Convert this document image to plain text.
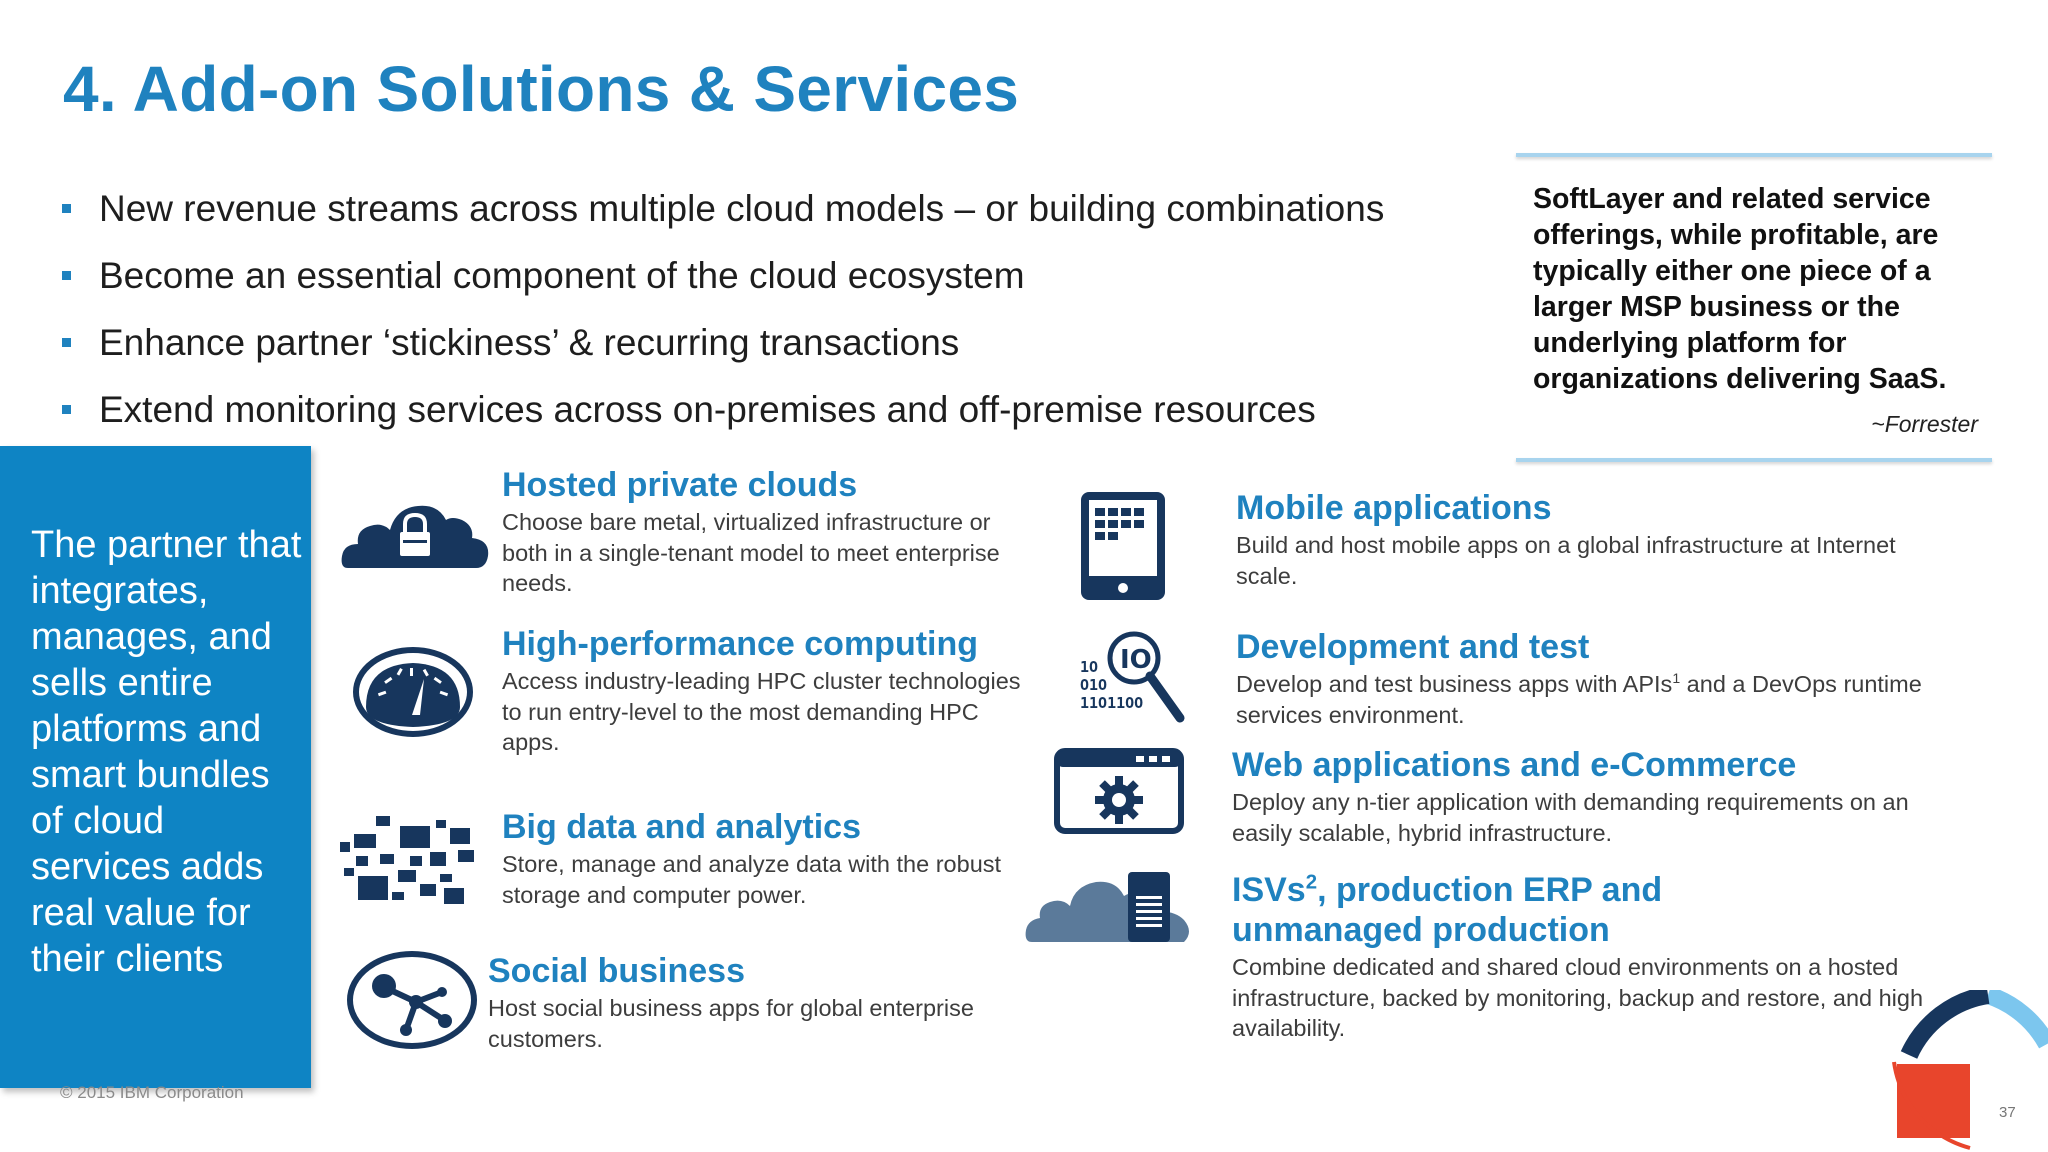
4. Add-on Solutions & Services
New revenue streams across multiple cloud models – or building combinations
Become an essential component of the cloud ecosystem
Enhance partner ‘stickiness’ & recurring transactions
Extend monitoring services across on-premises and off-premise resources
SoftLayer and related service offerings, while profitable, are typically either one piece of a larger MSP business or the underlying platform for organizations delivering SaaS.
~Forrester
The partner that integrates, manages, and sells entire platforms and smart bundles of cloud services adds real value for their clients
© 2015 IBM Corporation
Hosted private clouds
Choose bare metal, virtualized infrastructure or both in a single-tenant model to meet enterprise needs.
High-performance computing
Access industry-leading HPC cluster technologies to run entry-level to the most demanding HPC apps.
Big data and analytics
Store, manage and analyze data with the robust storage and computer power.
Social business
Host social business apps for global enterprise customers.
Mobile applications
Build and host mobile apps on a global infrastructure at Internet scale.
1O
O1O
11O11OO
IO Development and test
Develop and test business apps with APIs$^1$ and a DevOps runtime services environment.
Web applications and e-Commerce
Deploy any n-tier application with demanding requirements on an easily scalable, hybrid infrastructure.
ISVs$^2$, production ERP and
unmanaged production
Combine dedicated and shared cloud environments on a hosted infrastructure, backed by monitoring, backup and restore, and high availability.
37
